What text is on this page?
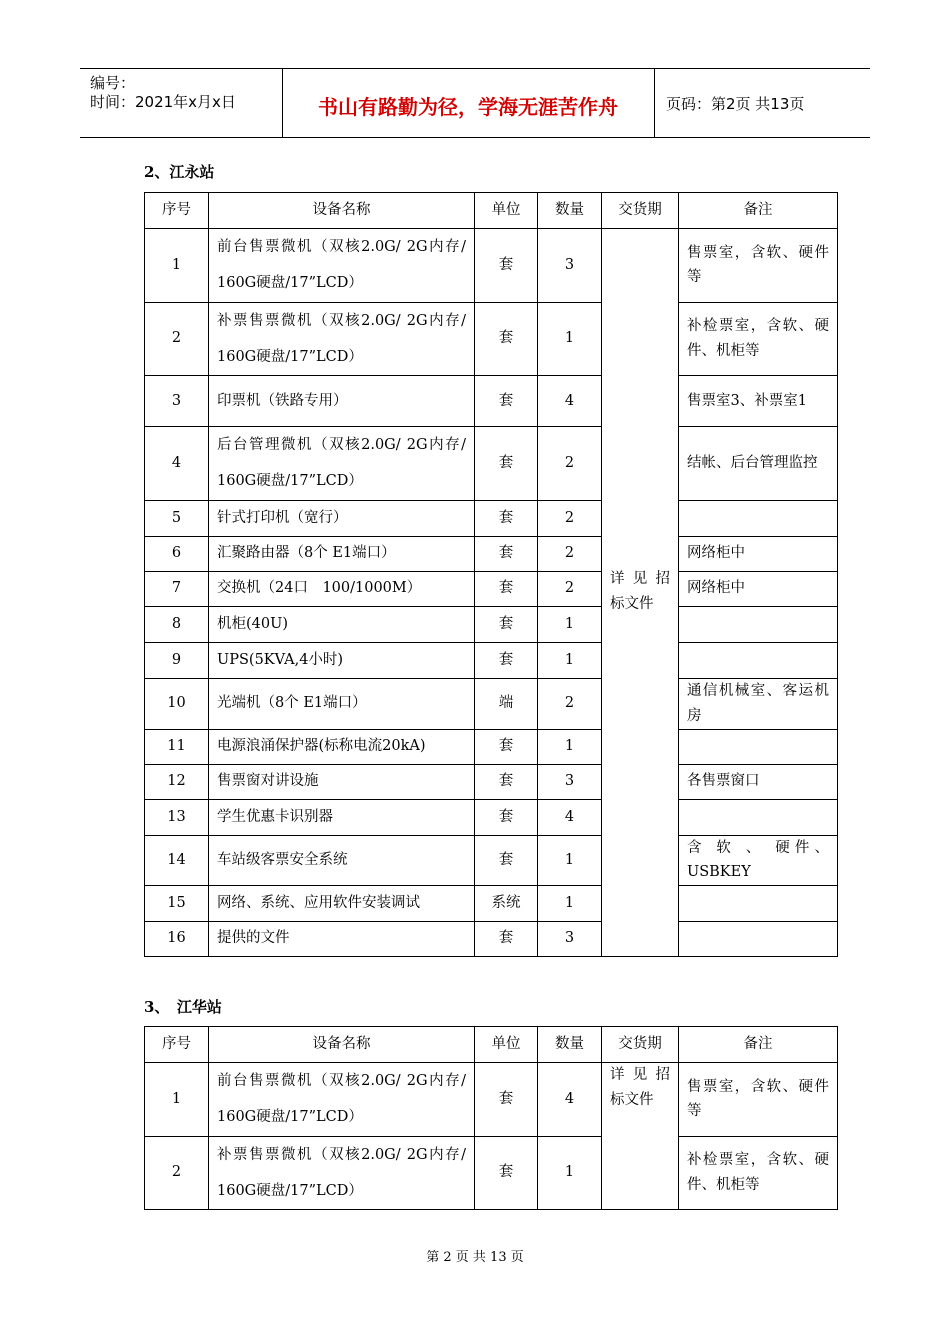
编号：
时间：2021年x月x日	书山有路勤为径，学海无涯苦作舟	页码：第2页 共13页
2、江永站
序号	设备名称	单位	数量	交货期	备注
1	前台售票微机（双核2.0G/ 2G内存/ 160G硬盘/17”LCD）	套	3	详 见 招标文件	售票室，含软、硬件等
2	补票售票微机（双核2.0G/ 2G内存/ 160G硬盘/17”LCD）	套	1		补检票室，含软、硬件、机柜等
3	印票机（铁路专用）	套	4		售票室3、补票室1
4	后台管理微机（双核2.0G/ 2G内存/ 160G硬盘/17”LCD）	套	2		结帐、后台管理监控
5	针式打印机（宽行）	套	2		
6	汇聚路由器（8个 E1端口）	套	2		网络柜中
7	交换机（24口　100/1000M）	套	2		网络柜中
8	机柜(40U)	套	1		
9	UPS(5KVA,4小时)	套	1		
10	光端机（8个 E1端口）	端	2		通信机械室、客运机房
11	电源浪涌保护器(标称电流20kA)	套	1		
12	售票窗对讲设施	套	3		各售票窗口
13	学生优惠卡识别器	套	4		
14	车站级客票安全系统	套	1		含 软 、 硬件、USBKEY
15	网络、系统、应用软件安装调试	系统	1		
16	提供的文件	套	3		
3、　江华站
序号	设备名称	单位	数量	交货期	备注
1	前台售票微机（双核2.0G/ 2G内存/ 160G硬盘/17”LCD）	套	4	详 见 招标文件	售票室，含软、硬件等
2	补票售票微机（双核2.0G/ 2G内存/ 160G硬盘/17”LCD）	套	1		补检票室，含软、硬件、机柜等
第 2 页 共 13 页
